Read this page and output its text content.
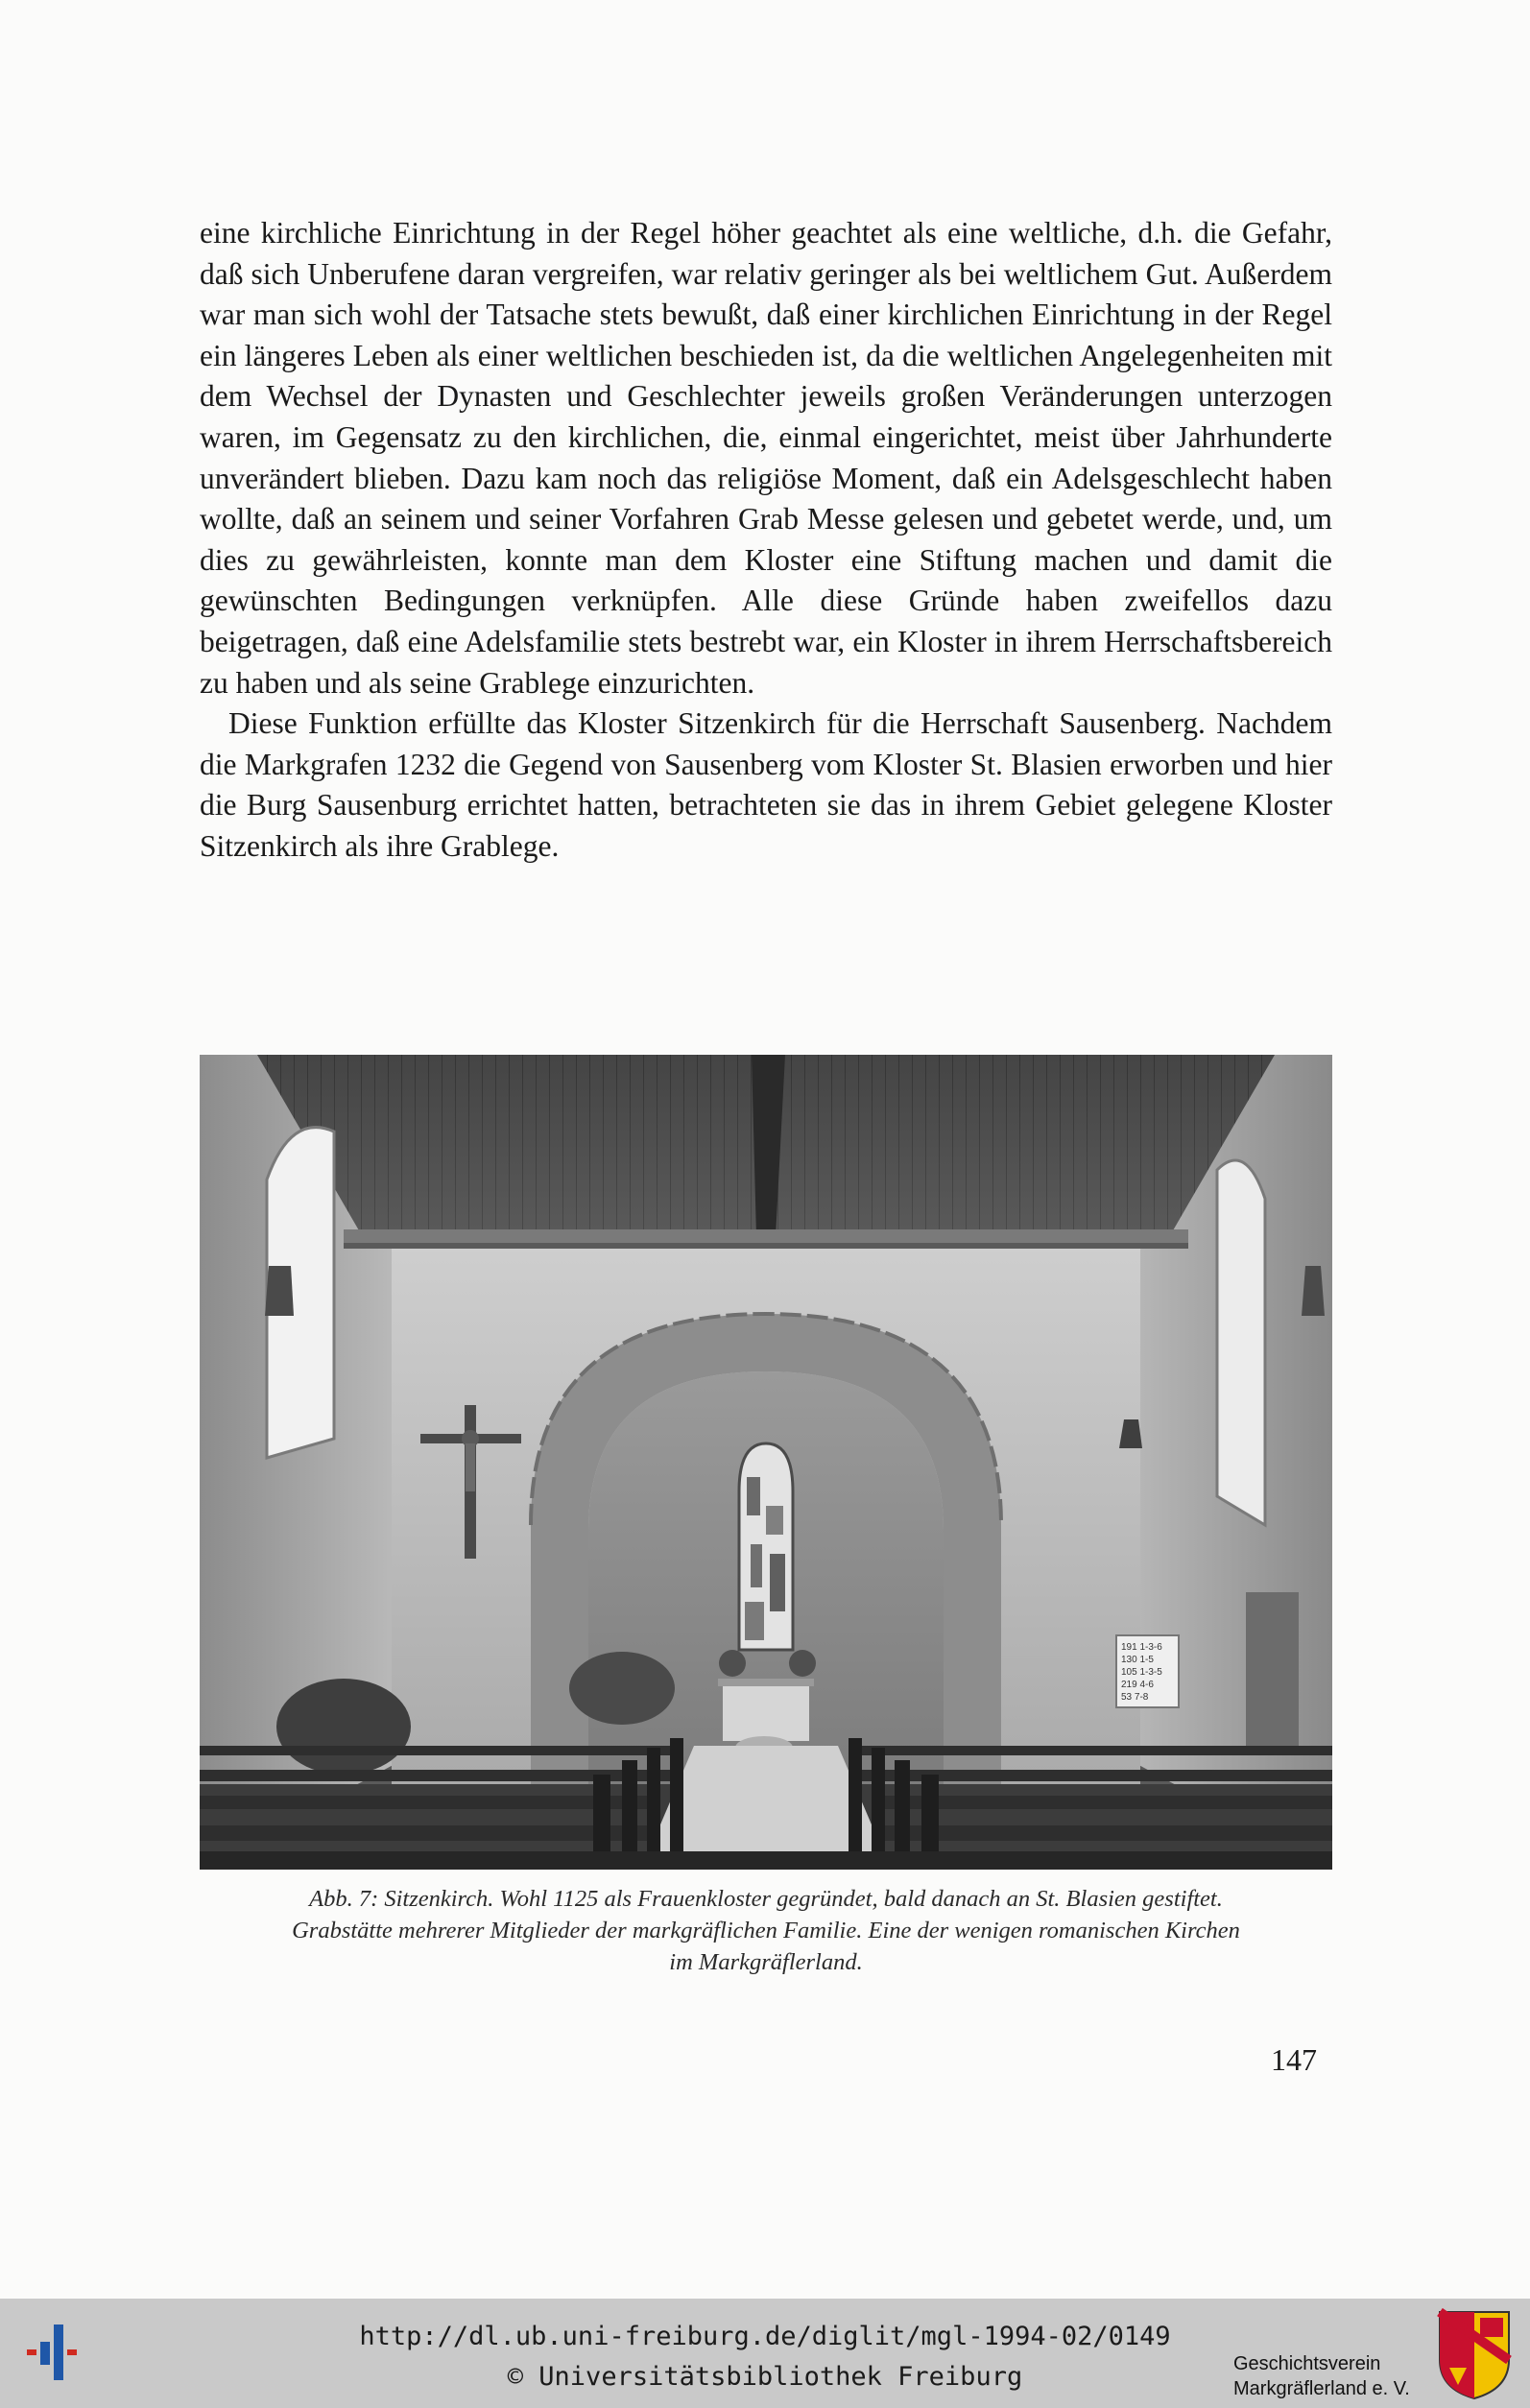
eine kirchliche Einrichtung in der Regel höher geachtet als eine weltliche, d.h. die Gefahr, daß sich Unberufene daran vergreifen, war relativ geringer als bei weltlichem Gut. Außerdem war man sich wohl der Tatsache stets bewußt, daß einer kirchlichen Einrichtung in der Regel ein längeres Leben als einer weltlichen beschieden ist, da die weltlichen Angelegenheiten mit dem Wechsel der Dynasten und Geschlechter jeweils großen Veränderungen unterzogen waren, im Gegensatz zu den kirchlichen, die, einmal eingerichtet, meist über Jahrhunderte unverändert blieben. Dazu kam noch das religiöse Moment, daß ein Adelsgeschlecht haben wollte, daß an seinem und seiner Vorfahren Grab Messe gelesen und gebetet werde, und, um dies zu gewährleisten, konnte man dem Kloster eine Stiftung machen und damit die gewünschten Bedingungen verknüpfen. Alle diese Gründe haben zweifellos dazu beigetragen, daß eine Adelsfamilie stets bestrebt war, ein Kloster in ihrem Herrschaftsbereich zu haben und als seine Grablege einzurichten.

Diese Funktion erfüllte das Kloster Sitzenkirch für die Herrschaft Sausenberg. Nachdem die Markgrafen 1232 die Gegend von Sausenberg vom Kloster St. Blasien erworben und hier die Burg Sausenburg errichtet hatten, betrachteten sie das in ihrem Gebiet gelegene Kloster Sitzenkirch als ihre Grablege.

191 1-3-6
130 1-5
105 1-3-5
219 4-6
53 7-8
Abb. 7: Sitzenkirch. Wohl 1125 als Frauenkloster gegründet, bald danach an St. Blasien gestiftet.
Grabstätte mehrerer Mitglieder der markgräflichen Familie. Eine der wenigen romanischen Kirchen
im Markgräflerland.
147
http://dl.ub.uni-freiburg.de/diglit/mgl-1994-02/0149
© Universitätsbibliothek Freiburg	Geschichtsverein
Markgräflerland e. V.
